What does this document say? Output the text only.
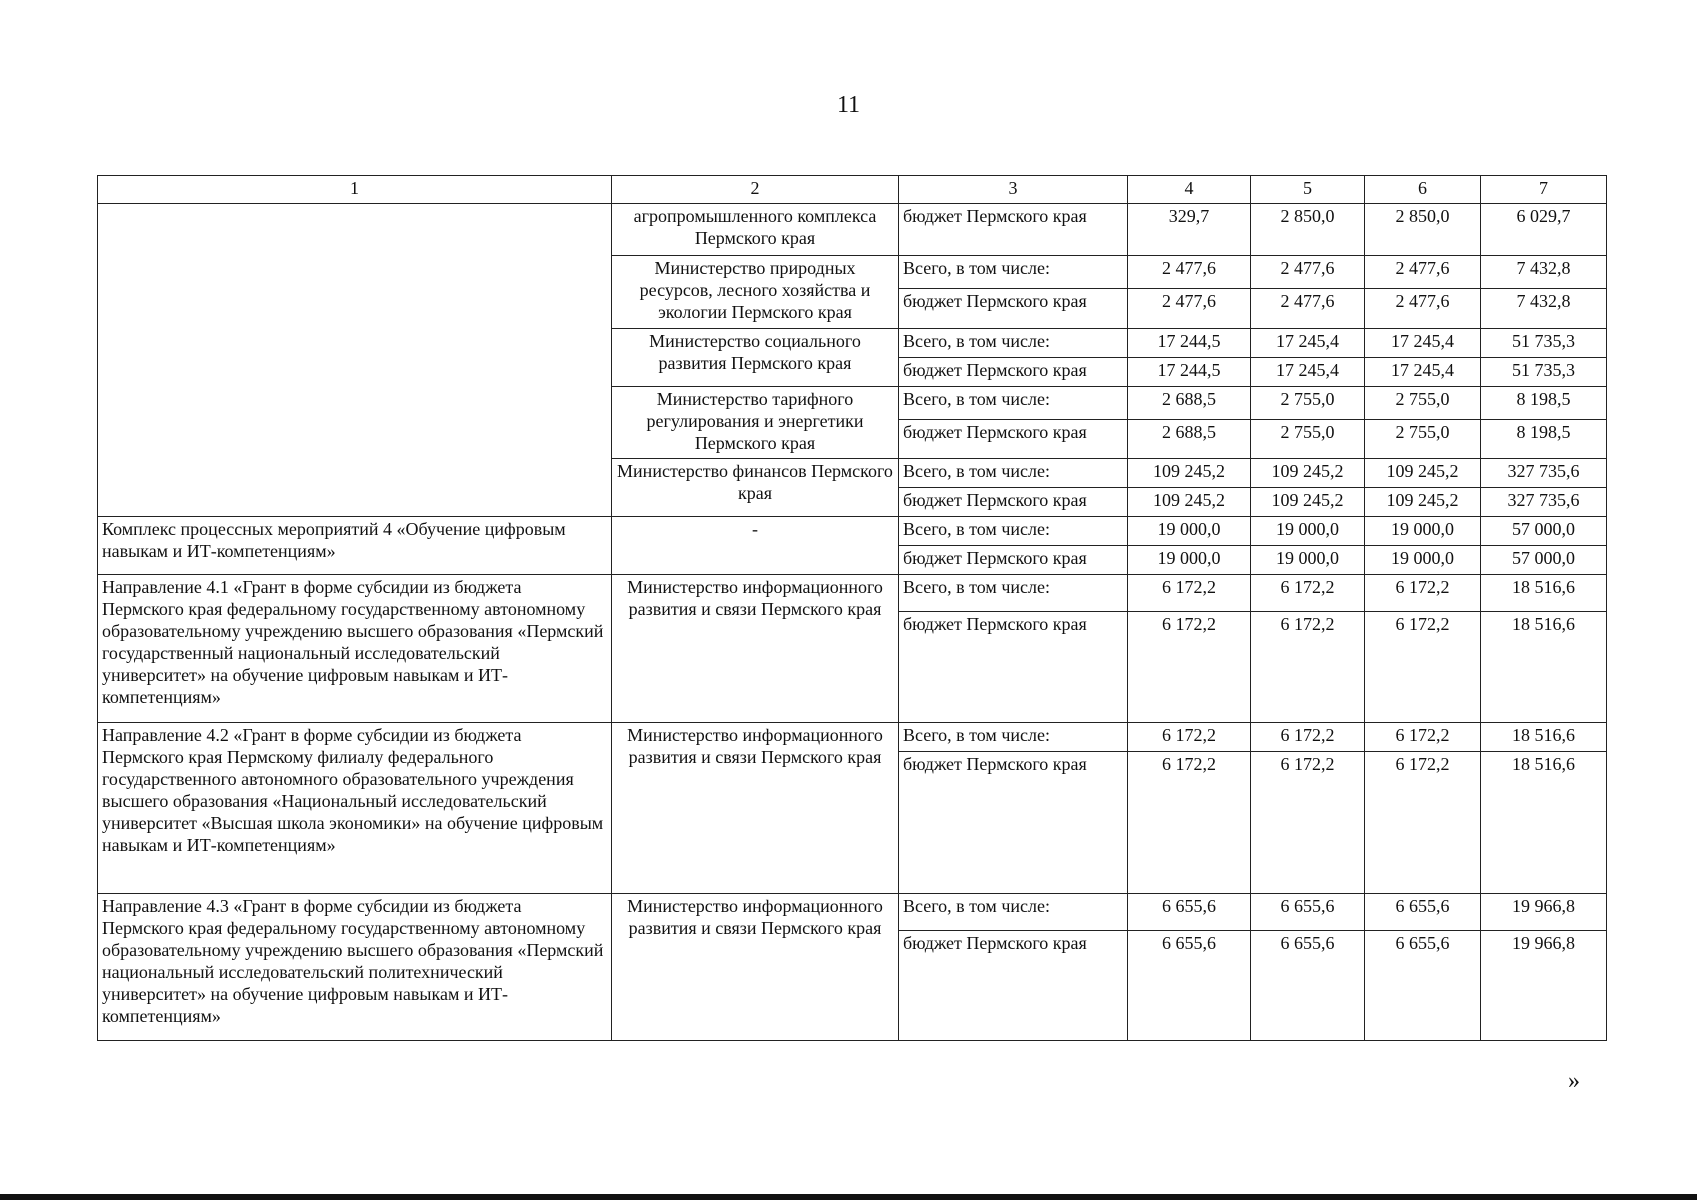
11
1	2	3	4	5	6	7
	агропромышленного комплекса Пермского края	бюджет Пермского края	329,7	2 850,0	2 850,0	6 029,7
	Министерство природных ресурсов, лесного хозяйства и экологии Пермского края	Всего, в том числе:	2 477,6	2 477,6	2 477,6	7 432,8
		бюджет Пермского края	2 477,6	2 477,6	2 477,6	7 432,8
	Министерство социального развития Пермского края	Всего, в том числе:	17 244,5	17 245,4	17 245,4	51 735,3
		бюджет Пермского края	17 244,5	17 245,4	17 245,4	51 735,3
	Министерство тарифного регулирования и энергетики Пермского края	Всего, в том числе:	2 688,5	2 755,0	2 755,0	8 198,5
		бюджет Пермского края	2 688,5	2 755,0	2 755,0	8 198,5
	Министерство финансов Пермского края	Всего, в том числе:	109 245,2	109 245,2	109 245,2	327 735,6
		бюджет Пермского края	109 245,2	109 245,2	109 245,2	327 735,6
Комплекс процессных мероприятий 4 «Обучение цифровым навыкам и ИТ-компетенциям»	-	Всего, в том числе:	19 000,0	19 000,0	19 000,0	57 000,0
		бюджет Пермского края	19 000,0	19 000,0	19 000,0	57 000,0
Направление 4.1 «Грант в форме субсидии из бюджета Пермского края федеральному государственному автономному образовательному учреждению высшего образования «Пермский государственный национальный исследовательский университет» на обучение цифровым навыкам и ИТ-компетенциям»	Министерство информационного развития и связи Пермского края	Всего, в том числе:	6 172,2	6 172,2	6 172,2	18 516,6
		бюджет Пермского края	6 172,2	6 172,2	6 172,2	18 516,6
Направление 4.2 «Грант в форме субсидии из бюджета Пермского края Пермскому филиалу федерального государственного автономного образовательного учреждения высшего образования «Национальный исследовательский университет «Высшая школа экономики» на обучение цифровым навыкам и ИТ-компетенциям»	Министерство информационного развития и связи Пермского края	Всего, в том числе:	6 172,2	6 172,2	6 172,2	18 516,6
		бюджет Пермского края	6 172,2	6 172,2	6 172,2	18 516,6
Направление 4.3 «Грант в форме субсидии из бюджета Пермского края федеральному государственному автономному образовательному учреждению высшего образования «Пермский национальный исследовательский политехнический университет» на обучение цифровым навыкам и ИТ-компетенциям»	Министерство информационного развития и связи Пермского края	Всего, в том числе:	6 655,6	6 655,6	6 655,6	19 966,8
		бюджет Пермского края	6 655,6	6 655,6	6 655,6	19 966,8
»
